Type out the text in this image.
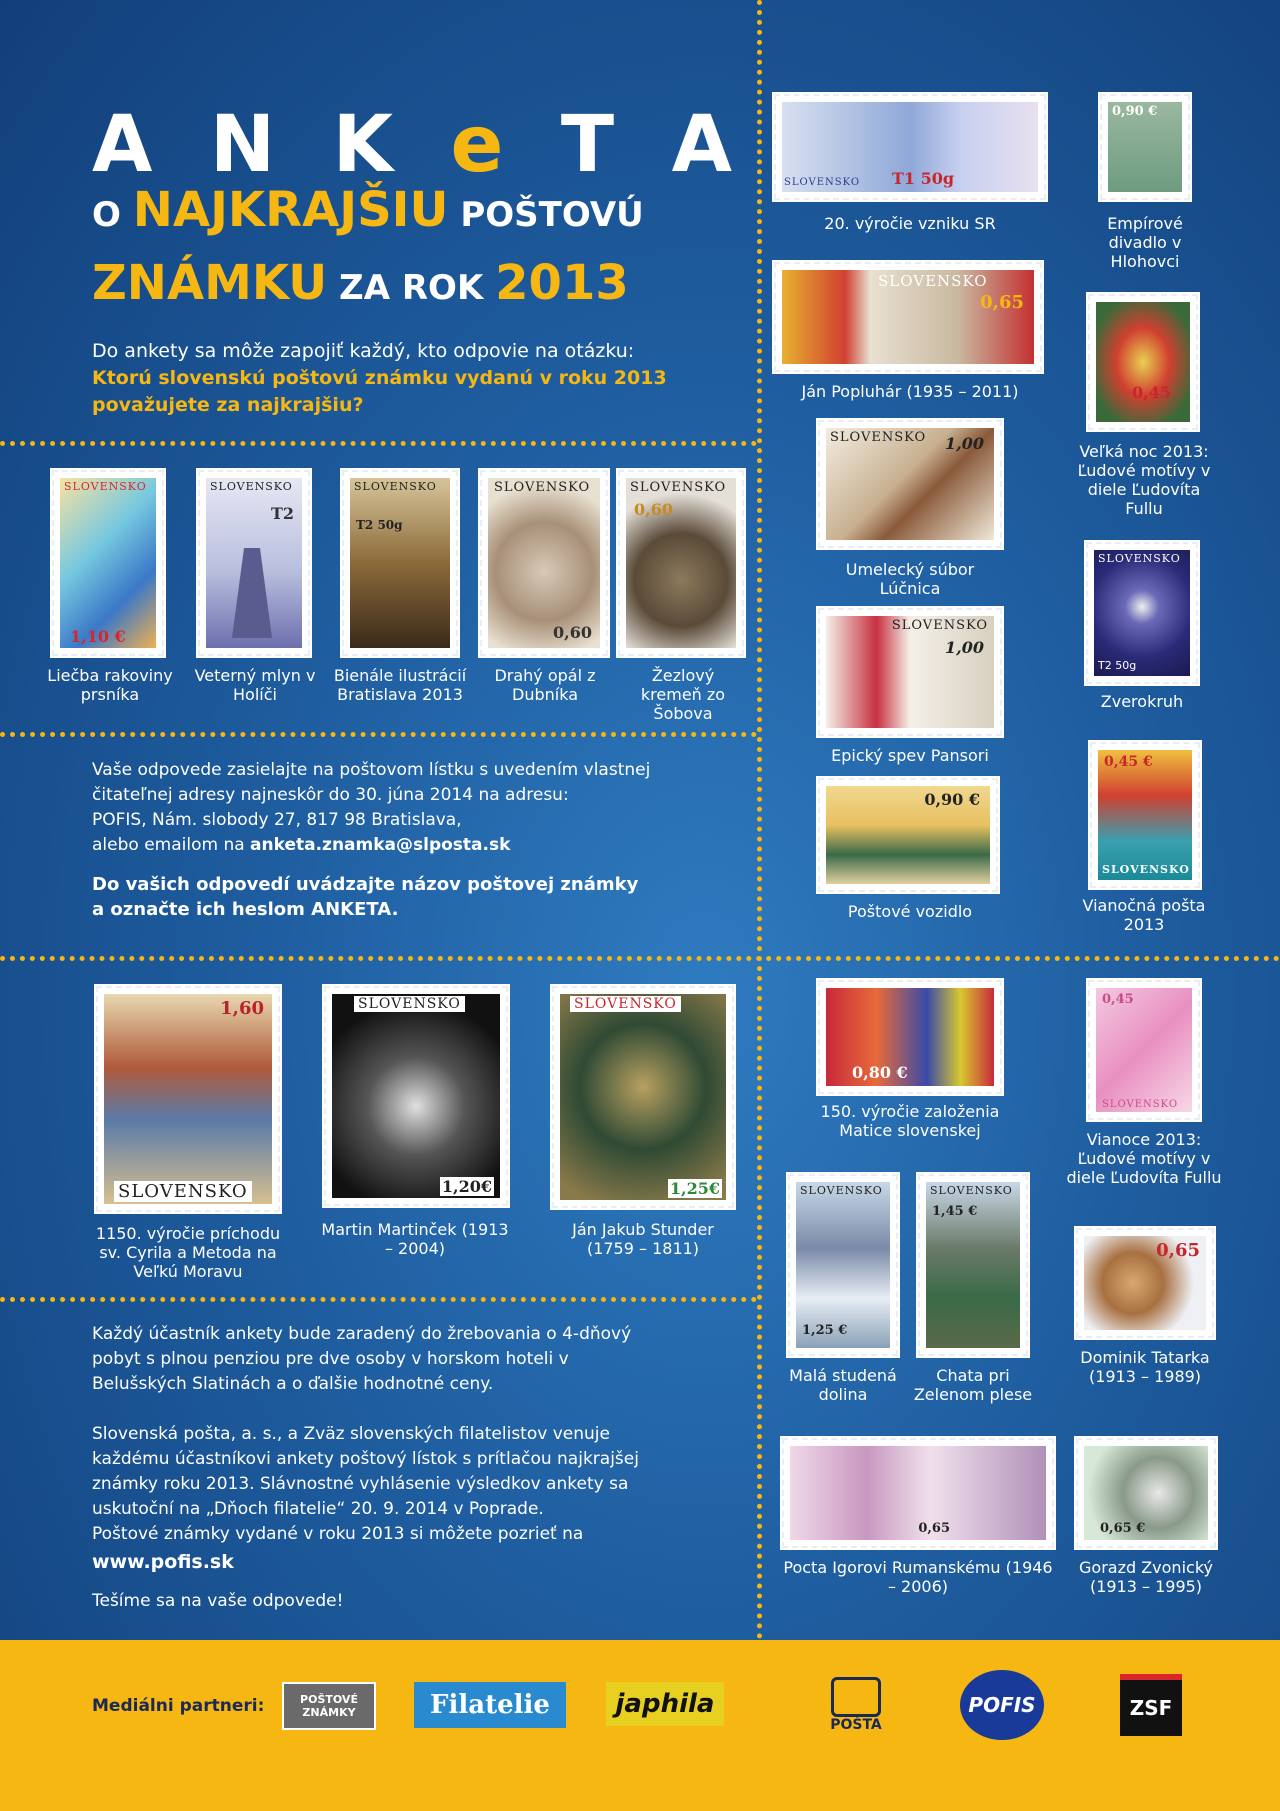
A N K e T A
O NAJKRAJŠIU POŠTOVÚ
ZNÁMKU ZA ROK 2013
Do ankety sa môže zapojiť každý, kto odpovie na otázku:
Ktorú slovenskú poštovú známku vydanú v roku 2013
považujete za najkrajšiu?
SLOVENSKO
1,10 €
SLOVENSKO
T2
SLOVENSKO
T2 50g
SLOVENSKO
0,60
SLOVENSKO
0,60
Liečba rakoviny prsníka
Veterný mlyn v Holíči
Bienále ilustrácií Bratislava 2013
Drahý opál z Dubníka
Žezlový kremeň zo Šobova
Vaše odpovede zasielajte na poštovom lístku s uvedením vlastnej
čitateľnej adresy najneskôr do 30. júna 2014 na adresu:
POFIS, Nám. slobody 27, 817 98 Bratislava,
alebo emailom na anketa.znamka@slposta.sk
Do vašich odpovedí uvádzajte názov poštovej známky
a označte ich heslom ANKETA.
1,60
SLOVENSKO
SLOVENSKO
1,20€
SLOVENSKO
1,25€
1150. výročie príchodu sv. Cyrila a Metoda na Veľkú Moravu
Martin Martinček (1913 – 2004)
Ján Jakub Stunder (1759 – 1811)
Každý účastník ankety bude zaradený do žrebovania o 4-dňový
pobyt s plnou penziou pre dve osoby v horskom hoteli v
Belušských Slatinách a o ďalšie hodnotné ceny.
Slovenská pošta, a. s., a Zväz slovenských filatelistov venuje
každému účastníkovi ankety poštový lístok s prítlačou najkrajšej
známky roku 2013. Slávnostné vyhlásenie výsledkov ankety sa
uskutoční na „Dňoch filatelie“ 20. 9. 2014 v Poprade.
Poštové známky vydané v roku 2013 si môžete pozrieť na
www.pofis.sk
Tešíme sa na vaše odpovede!
SLOVENSKO T1 50g
0,90 €
20. výročie vzniku SR	Empírové divadlo v Hlohovci
SLOVENSKO
0,65
0,45
Ján Popluhár (1935 – 2011)
Veľká noc 2013: Ľudové motívy v diele Ľudovíta Fullu
SLOVENSKO 1,00
Umelecký súbor Lúčnica
SLOVENSKO
T2 50g
Zverokruh
SLOVENSKO
1,00
Epický spev Pansori
0,90 €
Poštové vozidlo
0,45 €
SLOVENSKO
Vianočná pošta 2013
0,80 €
150. výročie založenia Matice slovenskej
0,45
SLOVENSKO
Vianoce 2013: Ľudové motívy v diele Ľudovíta Fullu
SLOVENSKO
1,25 €
SLOVENSKO
1,45 €
Malá studená dolina
Chata pri Zelenom plese
0,65
Dominik Tatarka (1913 – 1989)
0,65	0,65 €
Pocta Igorovi Rumanskému (1946 – 2006)
Gorazd Zvonický (1913 – 1995)
Mediálni partneri:	POŠTOVÉ ZNÁMKY	Filatelie	japhila
POŠTA
POFIS	ZSF
